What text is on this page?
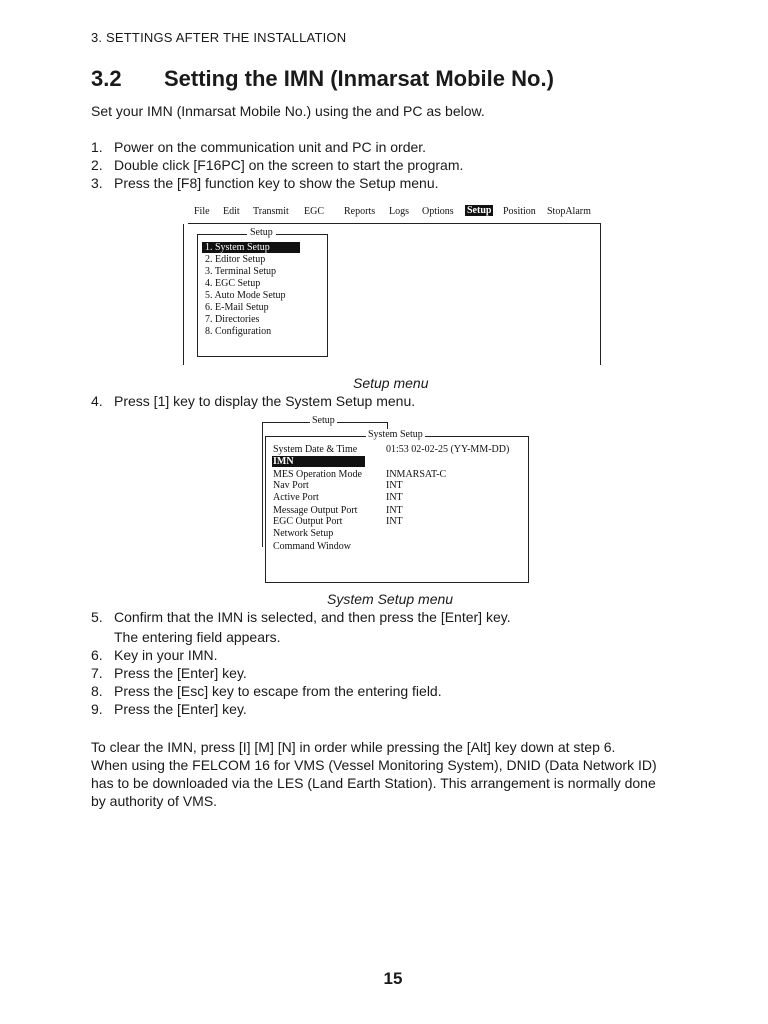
3. SETTINGS AFTER THE INSTALLATION
3.2 Setting the IMN (Inmarsat Mobile No.)
Set your IMN (Inmarsat Mobile No.) using the and PC as below.
1. Power on the communication unit and PC in order.
2. Double click [F16PC] on the screen to start the program.
3. Press the [F8] function key to show the Setup menu.
File Edit Transmit EGC Reports Logs Options Setup Position StopAlarm
Setup
1. System Setup
2. Editor Setup
3. Terminal Setup
4. EGC Setup
5. Auto Mode Setup
6. E-Mail Setup
7. Directories
8. Configuration
Setup menu
4. Press [1] key to display the System Setup menu.
Setup
System Setup
System Date & Time	01:53 02-02-25 (YY-MM-DD)
IMN
MES Operation Mode INMARSAT-C
Nav Port	INT
Active Port	INT
Message Output Port	INT
EGC Output Port	INT
Network Setup
Command Window
System Setup menu
5. Confirm that the IMN is selected, and then press the [Enter] key.
The entering field appears.
6. Key in your IMN.
7. Press the [Enter] key.
8. Press the [Esc] key to escape from the entering field.
9. Press the [Enter] key.
To clear the IMN, press [I] [M] [N] in order while pressing the [Alt] key down at step 6.
When using the FELCOM 16 for VMS (Vessel Monitoring System), DNID (Data Network ID)
has to be downloaded via the LES (Land Earth Station). This arrangement is normally done
by authority of VMS.
15
